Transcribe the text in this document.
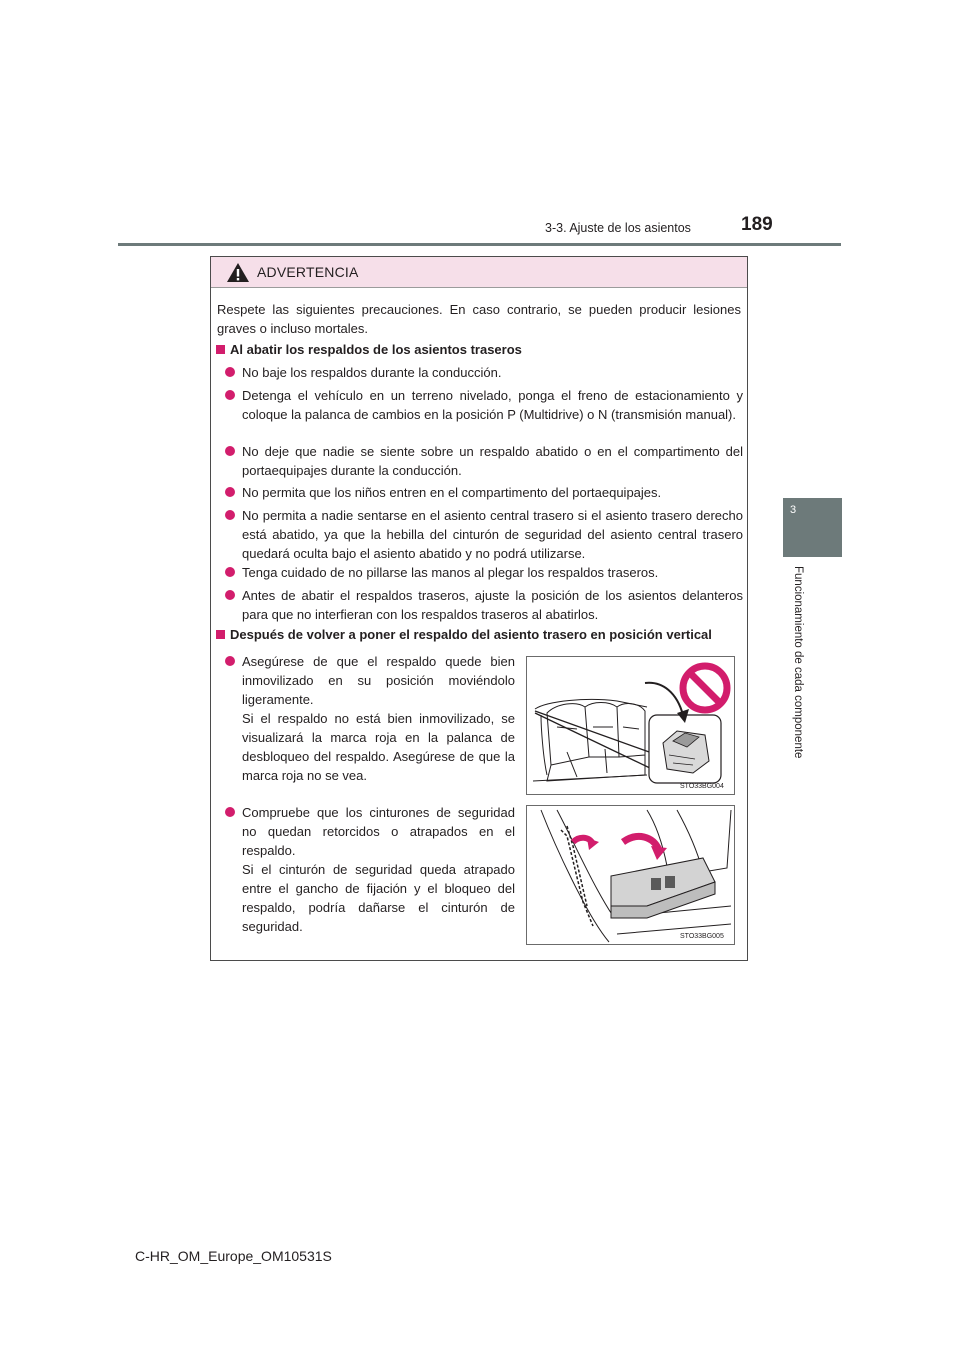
3-3. Ajuste de los asientos	189
3
Funcionamiento de cada componente
ADVERTENCIA
Respete las siguientes precauciones. En caso contrario, se pueden producir lesiones graves o incluso mortales.
Al abatir los respaldos de los asientos traseros
No baje los respaldos durante la conducción.
Detenga el vehículo en un terreno nivelado, ponga el freno de estacionamiento y coloque la palanca de cambios en la posición P (Multidrive) o N (transmisión manual).
No deje que nadie se siente sobre un respaldo abatido o en el compartimento del portaequipajes durante la conducción.
No permita que los niños entren en el compartimento del portaequipajes.
No permita a nadie sentarse en el asiento central trasero si el asiento trasero derecho está abatido, ya que la hebilla del cinturón de seguridad del asiento central trasero quedará oculta bajo el asiento abatido y no podrá utilizarse.
Tenga cuidado de no pillarse las manos al plegar los respaldos traseros.
Antes de abatir el respaldos traseros, ajuste la posición de los asientos delanteros para que no interfieran con los respaldos traseros al abatirlos.
Después de volver a poner el respaldo del asiento trasero en posición vertical
Asegúrese de que el respaldo quede bien inmovilizado en su posición moviéndolo ligeramente.
Si el respaldo no está bien inmovilizado, se visualizará la marca roja en la palanca de desbloqueo del respaldo. Asegúrese de que la marca roja no se vea.
Compruebe que los cinturones de seguridad no quedan retorcidos o atrapados en el respaldo.
Si el cinturón de seguridad queda atrapado entre el gancho de fijación y el bloqueo del respaldo, podría dañarse el cinturón de seguridad.
STO33BG004
STO33BG005
C-HR_OM_Europe_OM10531S
